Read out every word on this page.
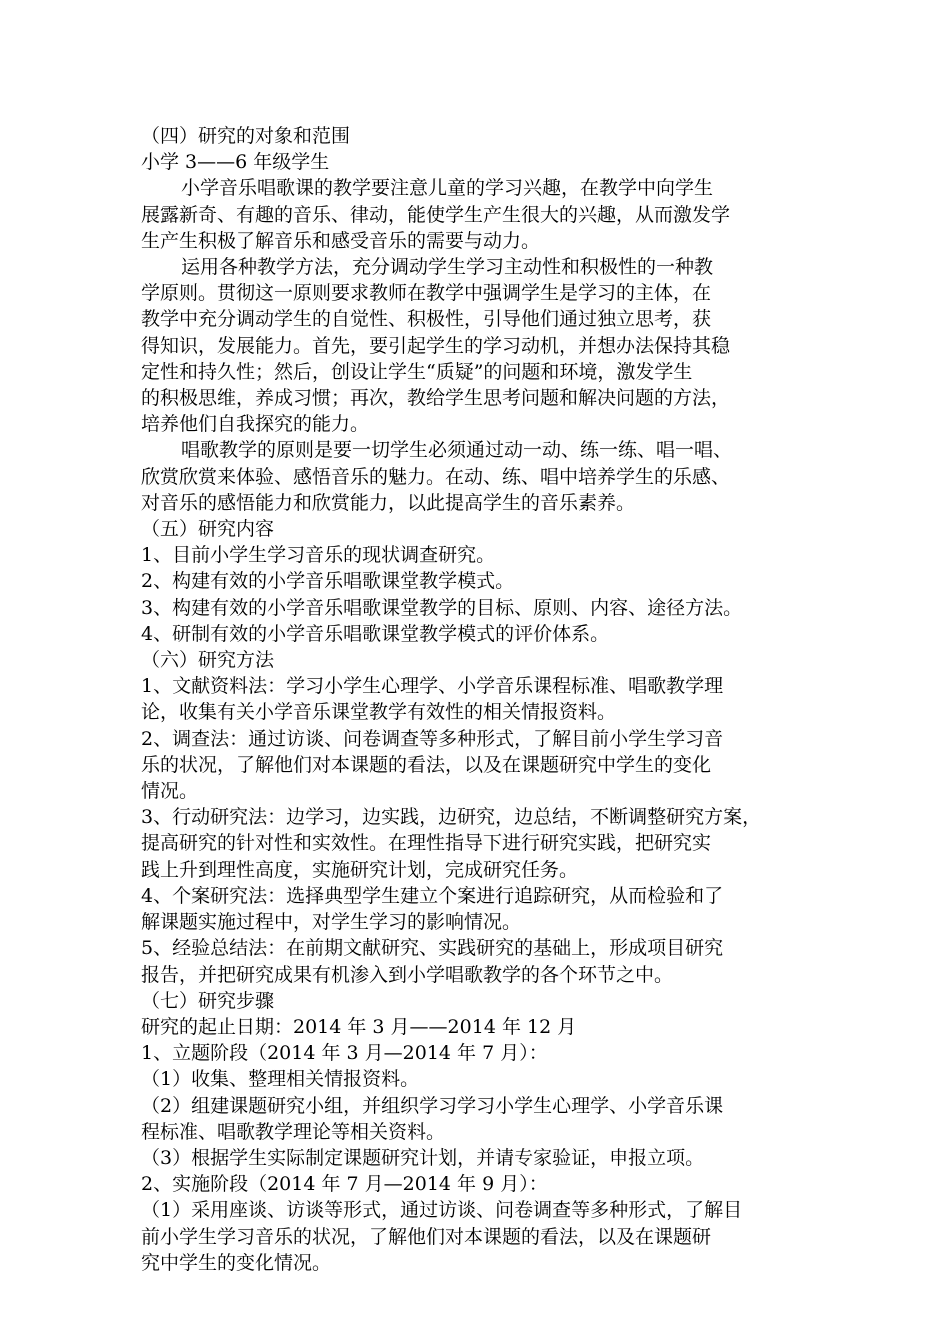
（四）研究的对象和范围

小学 3——6 年级学生

小学音乐唱歌课的教学要注意儿童的学习兴趣，在教学中向学生

展露新奇、有趣的音乐、律动，能使学生产生很大的兴趣，从而激发学

生产生积极了解音乐和感受音乐的需要与动力。

运用各种教学方法，充分调动学生学习主动性和积极性的一种教

学原则。贯彻这一原则要求教师在教学中强调学生是学习的主体，在

教学中充分调动学生的自觉性、积极性，引导他们通过独立思考，获

得知识，发展能力。首先，要引起学生的学习动机，并想办法保持其稳

定性和持久性；然后，创设让学生“质疑”的问题和环境，激发学生

的积极思维，养成习惯；再次，教给学生思考问题和解决问题的方法，

培养他们自我探究的能力。

唱歌教学的原则是要一切学生必须通过动一动、练一练、唱一唱、

欣赏欣赏来体验、感悟音乐的魅力。在动、练、唱中培养学生的乐感、

对音乐的感悟能力和欣赏能力，以此提高学生的音乐素养。

（五）研究内容

1、目前小学生学习音乐的现状调查研究。

2、构建有效的小学音乐唱歌课堂教学模式。

3、构建有效的小学音乐唱歌课堂教学的目标、原则、内容、途径方法。

4、研制有效的小学音乐唱歌课堂教学模式的评价体系。

（六）研究方法

1、文献资料法：学习小学生心理学、小学音乐课程标准、唱歌教学理

论，收集有关小学音乐课堂教学有效性的相关情报资料。

2、调查法：通过访谈、问卷调查等多种形式，了解目前小学生学习音

乐的状况，了解他们对本课题的看法，以及在课题研究中学生的变化

情况。

3、行动研究法：边学习，边实践，边研究，边总结，不断调整研究方案，

提高研究的针对性和实效性。在理性指导下进行研究实践，把研究实

践上升到理性高度，实施研究计划，完成研究任务。

4、个案研究法：选择典型学生建立个案进行追踪研究，从而检验和了

解课题实施过程中，对学生学习的影响情况。

5、经验总结法：在前期文献研究、实践研究的基础上，形成项目研究

报告，并把研究成果有机渗入到小学唱歌教学的各个环节之中。

（七）研究步骤

研究的起止日期：2014 年 3 月——2014 年 12 月

1、立题阶段（2014 年 3 月—2014 年 7 月）：

（1）收集、整理相关情报资料。

（2）组建课题研究小组，并组织学习学习小学生心理学、小学音乐课

程标准、唱歌教学理论等相关资料。

（3）根据学生实际制定课题研究计划，并请专家验证，申报立项。

2、实施阶段（2014 年 7 月—2014 年 9 月）：

（1）采用座谈、访谈等形式，通过访谈、问卷调查等多种形式，了解目

前小学生学习音乐的状况，了解他们对本课题的看法，以及在课题研

究中学生的变化情况。
